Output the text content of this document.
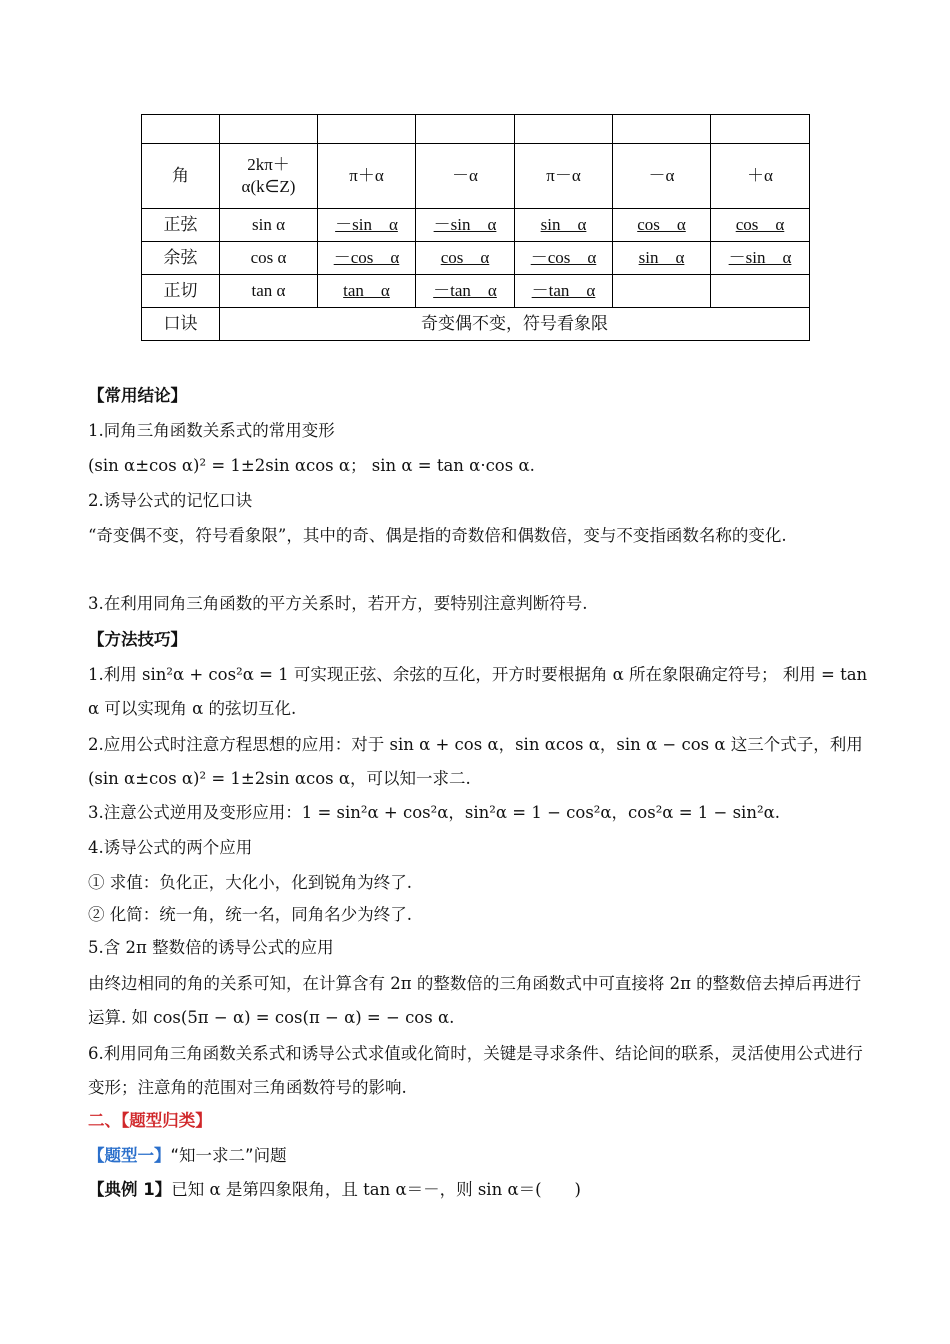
角	2kπ＋α(k∈Z)	π＋α	－α	π－α	－α	＋α
正弦	sin α	－sin　α	－sin　α	sin　α	cos　α	cos　α
余弦	cos α	－cos　α	cos　α	－cos　α	sin　α	－sin　α
正切	tan α	tan　α	－tan　α	－tan　α		
口诀	奇变偶不变，符号看象限					
【常用结论】
1.同角三角函数关系式的常用变形
(sin α±cos α)² = 1±2sin αcos α； sin α = tan α·cos α.
2.诱导公式的记忆口诀
“奇变偶不变，符号看象限”，其中的奇、偶是指的奇数倍和偶数倍，变与不变指函数名称的变化.
3.在利用同角三角函数的平方关系时，若开方，要特别注意判断符号.
【方法技巧】
1.利用 sin²α + cos²α = 1 可实现正弦、余弦的互化，开方时要根据角 α 所在象限确定符号； 利用 = tan α 可以实现角 α 的弦切互化.
2.应用公式时注意方程思想的应用：对于 sin α + cos α，sin αcos α，sin α − cos α 这三个式子，利用(sin α±cos α)² = 1±2sin αcos α，可以知一求二.
3.注意公式逆用及变形应用：1 = sin²α + cos²α，sin²α = 1 − cos²α，cos²α = 1 − sin²α.
4.诱导公式的两个应用
① 求值：负化正，大化小，化到锐角为终了.
② 化简：统一角，统一名，同角名少为终了.
5.含 2π 整数倍的诱导公式的应用
由终边相同的角的关系可知，在计算含有 2π 的整数倍的三角函数式中可直接将 2π 的整数倍去掉后再进行运算. 如 cos(5π − α) = cos(π − α) = − cos α.
6.利用同角三角函数关系式和诱导公式求值或化简时，关键是寻求条件、结论间的联系，灵活使用公式进行变形；注意角的范围对三角函数符号的影响.
二、【题型归类】
【题型一】“知一求二”问题
【典例 1】已知 α 是第四象限角，且 tan α＝－，则 sin α＝(　　)
